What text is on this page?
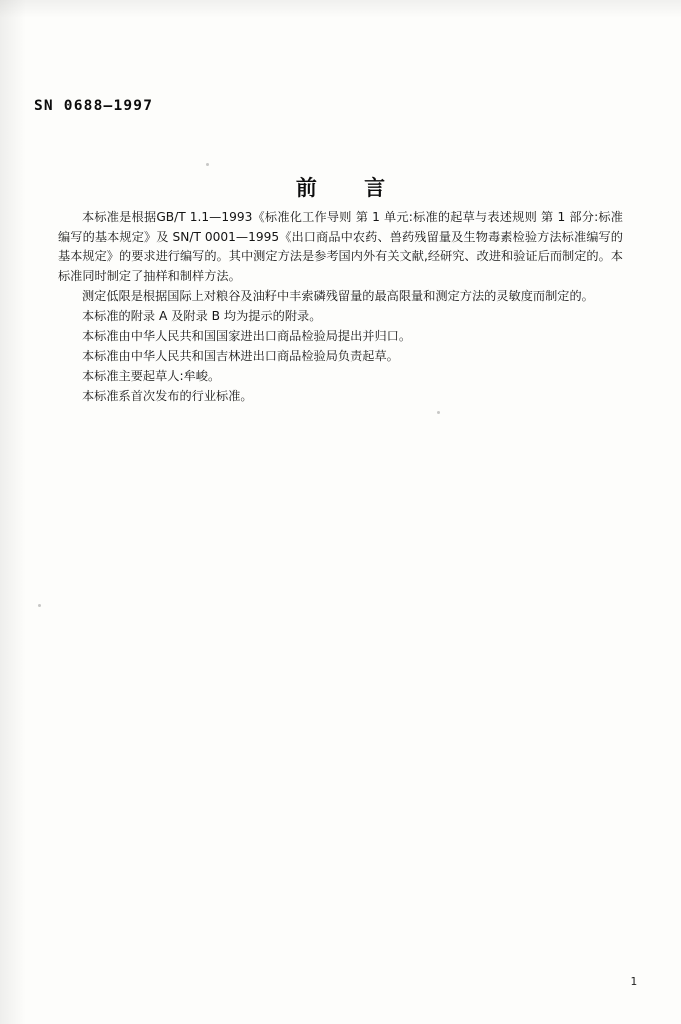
SN 0688—1997
前 言

本标准是根据GB/T 1.1—1993《标准化工作导则 第 1 单元:标准的起草与表述规则 第 1 部分:标准编写的基本规定》及 SN/T 0001—1995《出口商品中农药、兽药残留量及生物毒素检验方法标准编写的基本规定》的要求进行编写的。其中测定方法是参考国内外有关文献,经研究、改进和验证后而制定的。本标准同时制定了抽样和制样方法。

测定低限是根据国际上对粮谷及油籽中丰索磷残留量的最高限量和测定方法的灵敏度而制定的。

本标准的附录 A 及附录 B 均为提示的附录。

本标准由中华人民共和国国家进出口商品检验局提出并归口。

本标准由中华人民共和国吉林进出口商品检验局负责起草。

本标准主要起草人:牟峻。

本标准系首次发布的行业标准。

1
